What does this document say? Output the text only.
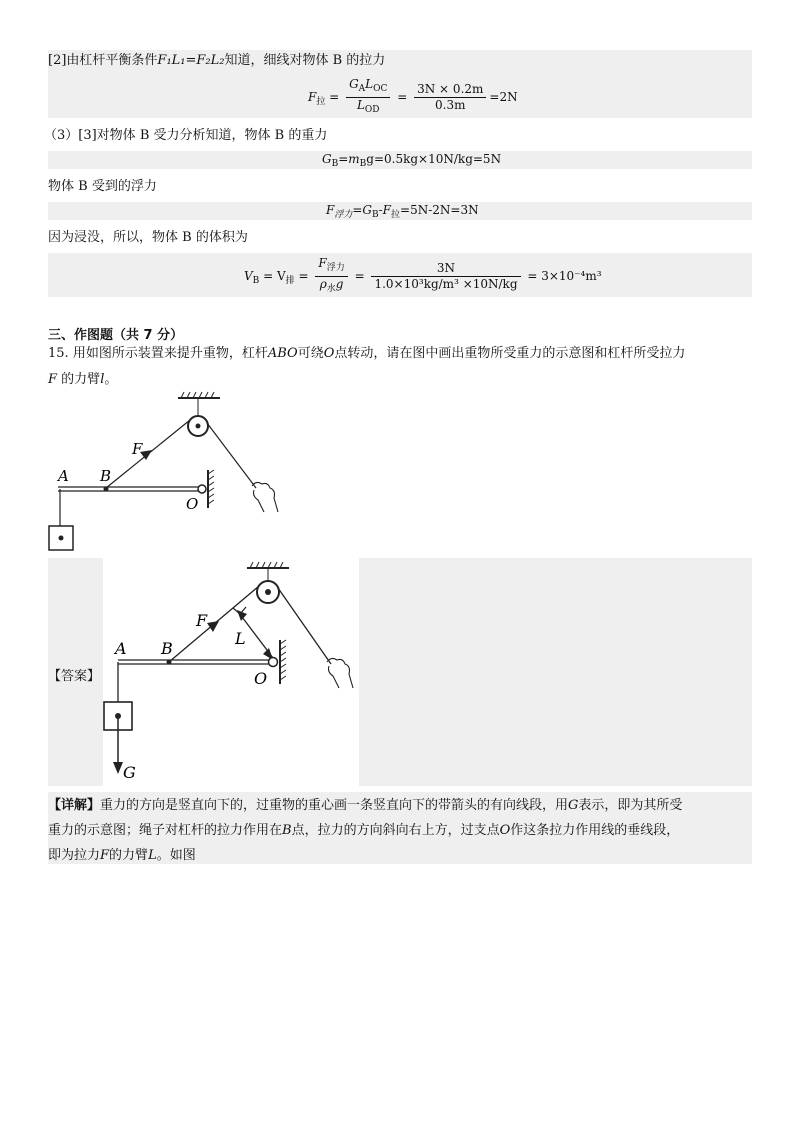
[2]由杠杆平衡条件F₁L₁=F₂L₂知道，细线对物体 B 的拉力
$F_拉 = \frac{G_AL_{OC}}{L_{OD}} = \frac{3N \times 0.2m}{0.3m} =2N$
（3）[3]对物体 B 受力分析知道，物体 B 的重力
$G_B=m_Bg=0.5kg\times 10N/kg=5N$
物体 B 受到的浮力
$F_{浮力}=G_B-F_拉=5N-2N=3N$
因为浸没，所以，物体 B 的体积为
$V_B = V_排 = \frac{F_{浮力}}{\rho_水g} = \frac{3N}{\text{1.0×10³kg/m³ ×10N/kg}} = 3\times 10^{-4}m^3$
三、作图题（共 7 分）
15. 用如图所示装置来提升重物，杠杆ABO可绕O点转动，请在图中画出重物所受重力的示意图和杠杆所受拉力
F 的力臂l。
A B
F
O
【答案】
A B
F
L
O
G
【详解】重力的方向是竖直向下的，过重物的重心画一条竖直向下的带箭头的有向线段，用G表示，即为其所受
重力的示意图；绳子对杠杆的拉力作用在B点，拉力的方向斜向右上方，过支点O作这条拉力作用线的垂线段，
即为拉力F的力臂L。如图
